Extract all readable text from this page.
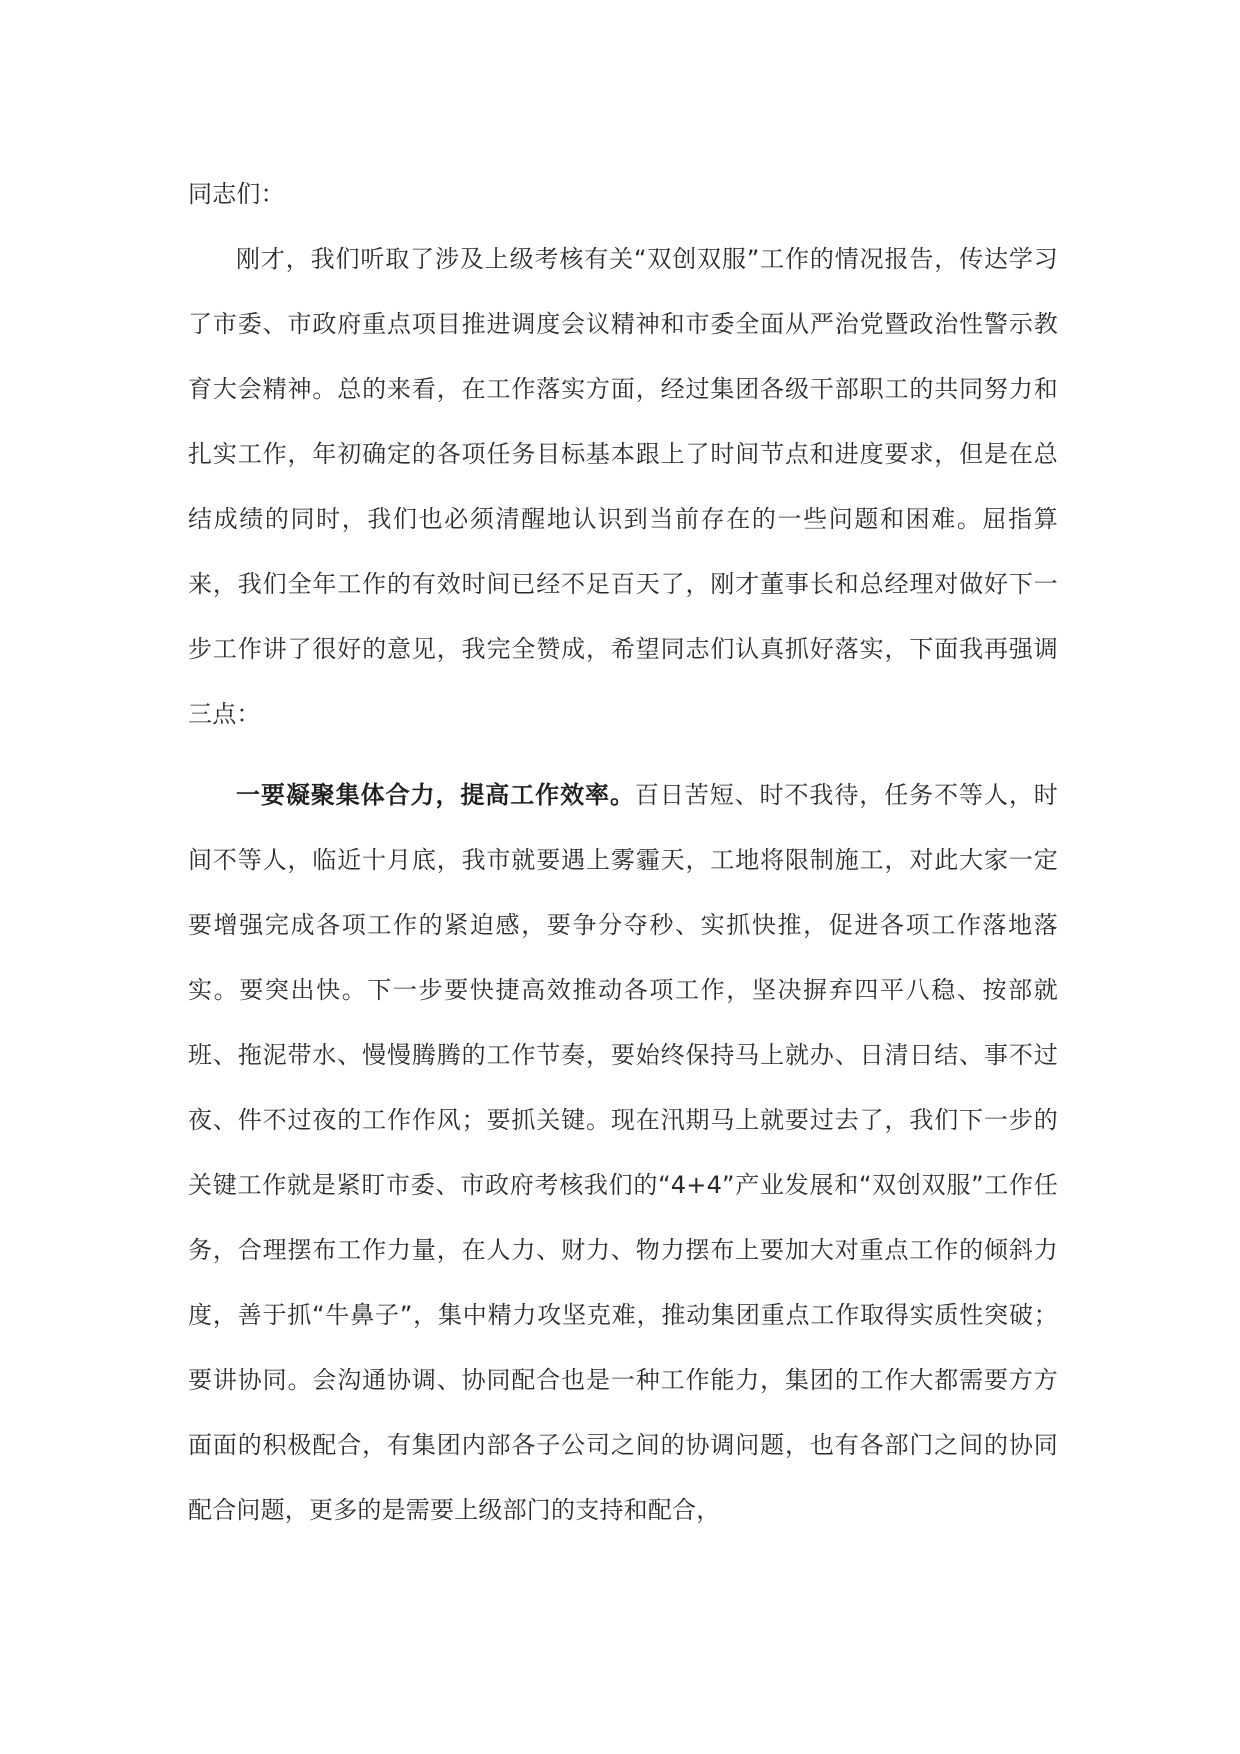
同志们：

刚才，我们听取了涉及上级考核有关“双创双服”工作的情况报告，传达学习了市委、市政府重点项目推进调度会议精神和市委全面从严治党暨政治性警示教育大会精神。总的来看，在工作落实方面，经过集团各级干部职工的共同努力和扎实工作，年初确定的各项任务目标基本跟上了时间节点和进度要求，但是在总结成绩的同时，我们也必须清醒地认识到当前存在的一些问题和困难。屈指算来，我们全年工作的有效时间已经不足百天了，刚才董事长和总经理对做好下一步工作讲了很好的意见，我完全赞成，希望同志们认真抓好落实，下面我再强调三点：

一要凝聚集体合力，提高工作效率。百日苦短、时不我待，任务不等人，时间不等人，临近十月底，我市就要遇上雾霾天，工地将限制施工，对此大家一定要增强完成各项工作的紧迫感，要争分夺秒、实抓快推，促进各项工作落地落实。要突出快。下一步要快捷高效推动各项工作，坚决摒弃四平八稳、按部就班、拖泥带水、慢慢腾腾的工作节奏，要始终保持马上就办、日清日结、事不过夜、件不过夜的工作作风；要抓关键。现在汛期马上就要过去了，我们下一步的关键工作就是紧盯市委、市政府考核我们的“4+4”产业发展和“双创双服”工作任务，合理摆布工作力量，在人力、财力、物力摆布上要加大对重点工作的倾斜力度，善于抓“牛鼻子”，集中精力攻坚克难，推动集团重点工作取得实质性突破；要讲协同。会沟通协调、协同配合也是一种工作能力，集团的工作大都需要方方面面的积极配合，有集团内部各子公司之间的协调问题，也有各部门之间的协同配合问题，更多的是需要上级部门的支持和配合，
